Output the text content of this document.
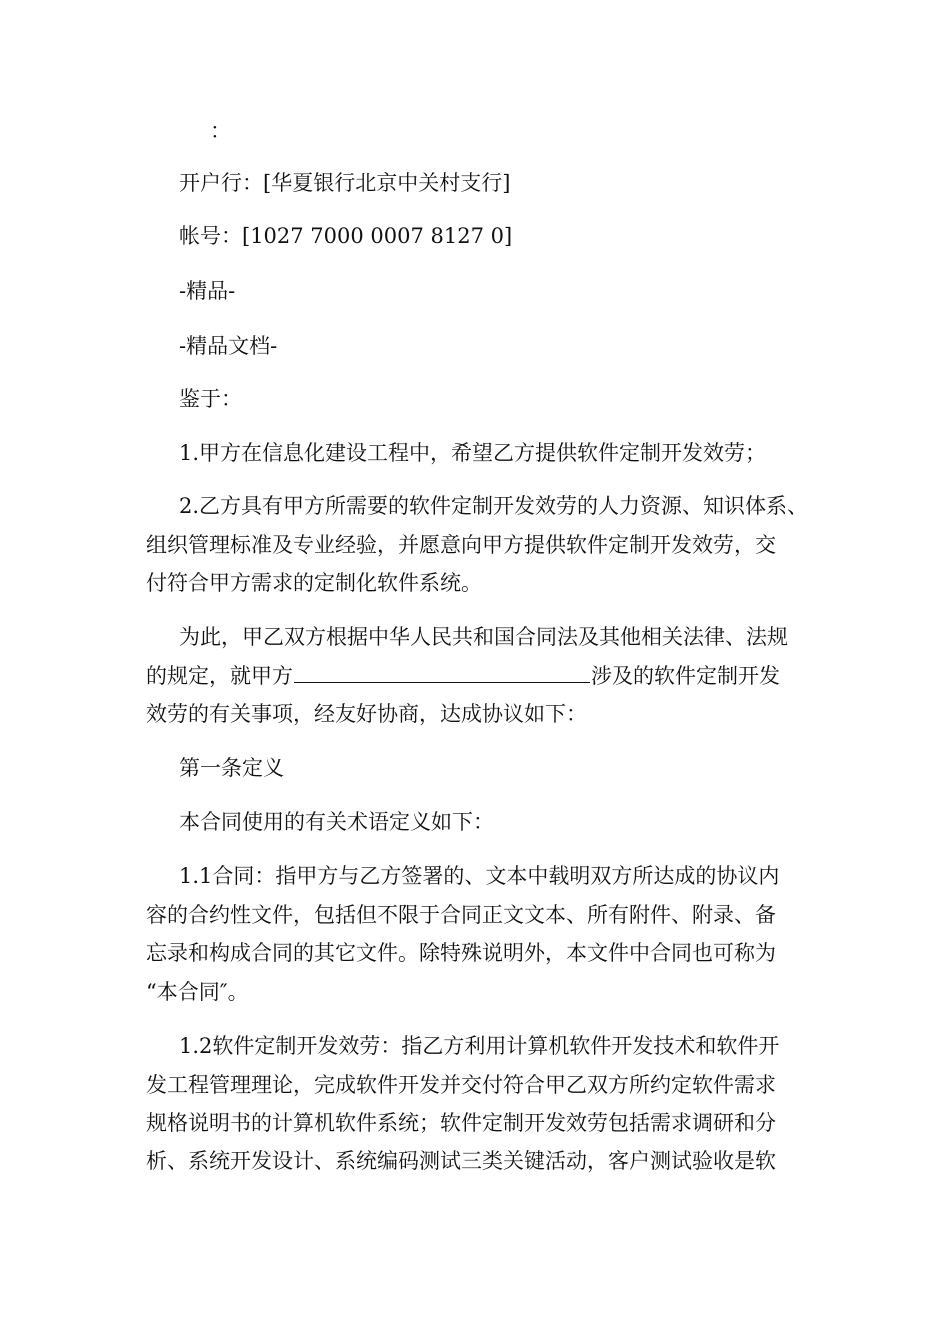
：
开户行：[华夏银行北京中关村支行]
帐号：[1027 7000 0007 8127 0]
-精品-
-精品文档-
鉴于：
1.甲方在信息化建设工程中，希望乙方提供软件定制开发效劳；
2.乙方具有甲方所需要的软件定制开发效劳的人力资源、知识体系、
组织管理标准及专业经验，并愿意向甲方提供软件定制开发效劳，交
付符合甲方需求的定制化软件系统。
为此，甲乙双方根据中华人民共和国合同法及其他相关法律、法规
的规定，就甲方	涉及的软件定制开发
效劳的有关事项，经友好协商，达成协议如下：
第一条定义
本合同使用的有关术语定义如下：
1.1合同：指甲方与乙方签署的、文本中载明双方所达成的协议内
容的合约性文件，包括但不限于合同正文文本、所有附件、附录、备
忘录和构成合同的其它文件。除特殊说明外，本文件中合同也可称为
“本合同″。
1.2软件定制开发效劳：指乙方利用计算机软件开发技术和软件开
发工程管理理论，完成软件开发并交付符合甲乙双方所约定软件需求
规格说明书的计算机软件系统；软件定制开发效劳包括需求调研和分
析、系统开发设计、系统编码测试三类关键活动，客户测试验收是软
